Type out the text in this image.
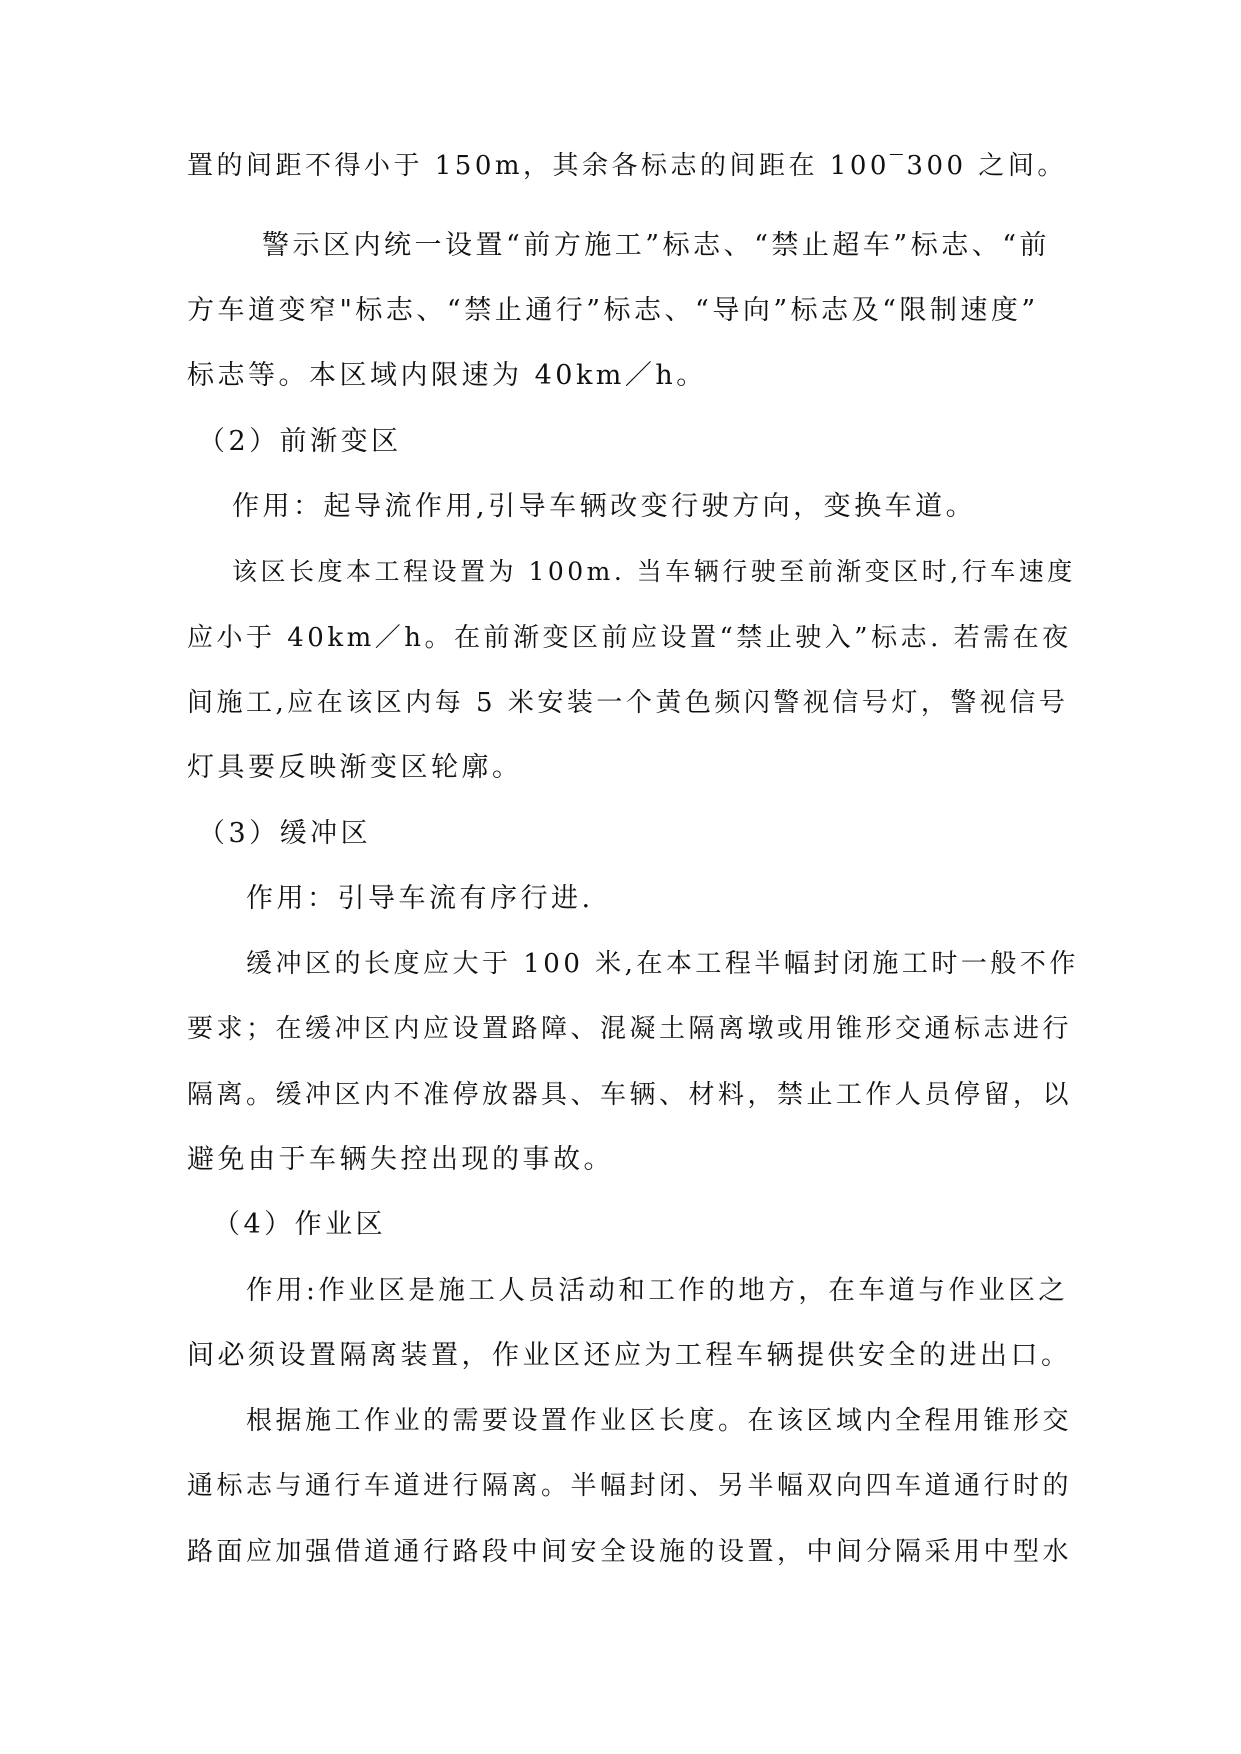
置的间距不得小于 150m，其余各标志的间距在 100‾300 之间。
警示区内统一设置“前方施工”标志、“禁止超车”标志、“前
方车道变窄"标志、“禁止通行”标志、“导向”标志及“限制速度”
标志等。本区域内限速为 40km／h。
（2）前渐变区
作用：起导流作用,引导车辆改变行驶方向，变换车道。
该区长度本工程设置为 100m. 当车辆行驶至前渐变区时,行车速度
应小于 40km／h。在前渐变区前应设置“禁止驶入”标志. 若需在夜
间施工,应在该区内每 5 米安装一个黄色频闪警视信号灯，警视信号
灯具要反映渐变区轮廓。
（3）缓冲区
作用：引导车流有序行进.
缓冲区的长度应大于 100 米,在本工程半幅封闭施工时一般不作
要求；在缓冲区内应设置路障、混凝土隔离墩或用锥形交通标志进行
隔离。缓冲区内不准停放器具、车辆、材料，禁止工作人员停留，以
避免由于车辆失控出现的事故。
（4）作业区
作用:作业区是施工人员活动和工作的地方，在车道与作业区之
间必须设置隔离装置，作业区还应为工程车辆提供安全的进出口。
根据施工作业的需要设置作业区长度。在该区域内全程用锥形交
通标志与通行车道进行隔离。半幅封闭、另半幅双向四车道通行时的
路面应加强借道通行路段中间安全设施的设置，中间分隔采用中型水
